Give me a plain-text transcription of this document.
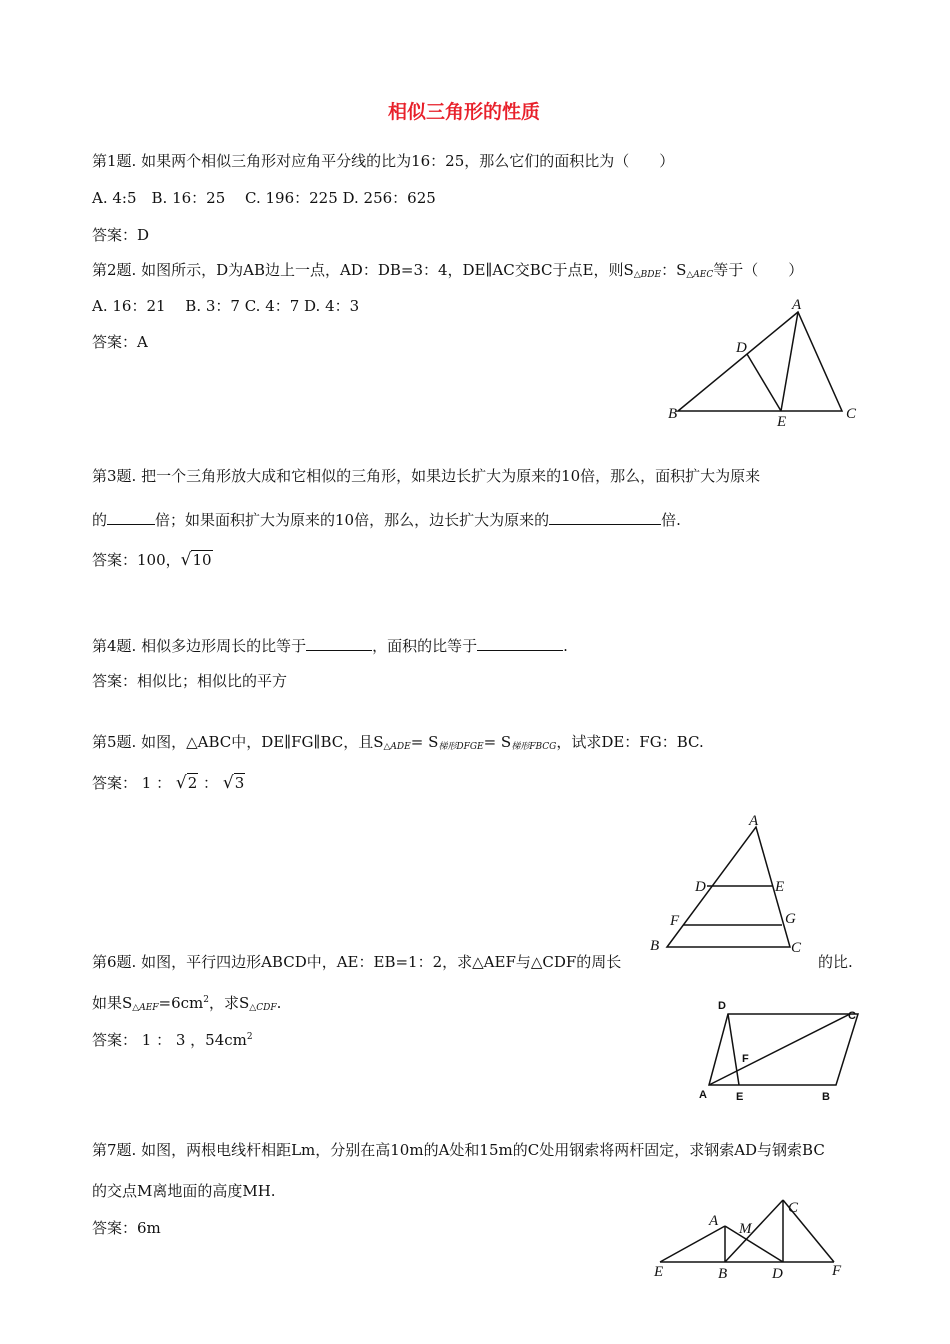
相似三角形的性质
第1题. 如果两个相似三角形对应角平分线的比为16：25，那么它们的面积比为（　　）
A. 4:5　B. 16：25　 C. 196：225 D. 256：625
答案：D
第2题. 如图所示，D为AB边上一点，AD：DB=3：4，DE∥AC交BC于点E，则$S_{\triangle BDE}$：$S_{\triangle AEC}$等于（　　）
A. 16：21　 B. 3：7 C. 4：7 D. 4：3
答案：A
A
D
B	E	C
第3题. 把一个三角形放大成和它相似的三角形，如果边长扩大为原来的10倍，那么，面积扩大为原来
的	倍；如果面积扩大为原来的10倍，那么，边长扩大为原来的	倍.
答案：100，√10
第4题. 相似多边形周长的比等于	，面积的比等于	.
答案：相似比；相似比的平方
第5题. 如图，△ABC中，DE∥FG∥BC，且$S_{\triangle ADE}= S_{梯形DFGE}= S_{梯形FBCG}$，试求DE：FG：BC.
答案： 1 ： √2 ： √3
A
D	E
F	G
B	C
第6题. 如图，平行四边形ABCD中，AE：EB=1：2，求△AEF与△CDF的周长	的比.
如果$S_{\triangle AEF}=6cm^2$，求$S_{\triangle CDF}$.
答案： 1 ： 3 ，$54cm^2$
D
C
F
A	E	B
第7题. 如图，两根电线杆相距Lm，分别在高10m的A处和15m的C处用钢索将两杆固定，求钢索AD与钢索BC
的交点M离地面的高度MH.
答案：6m
C
A M
E	B	D	F
